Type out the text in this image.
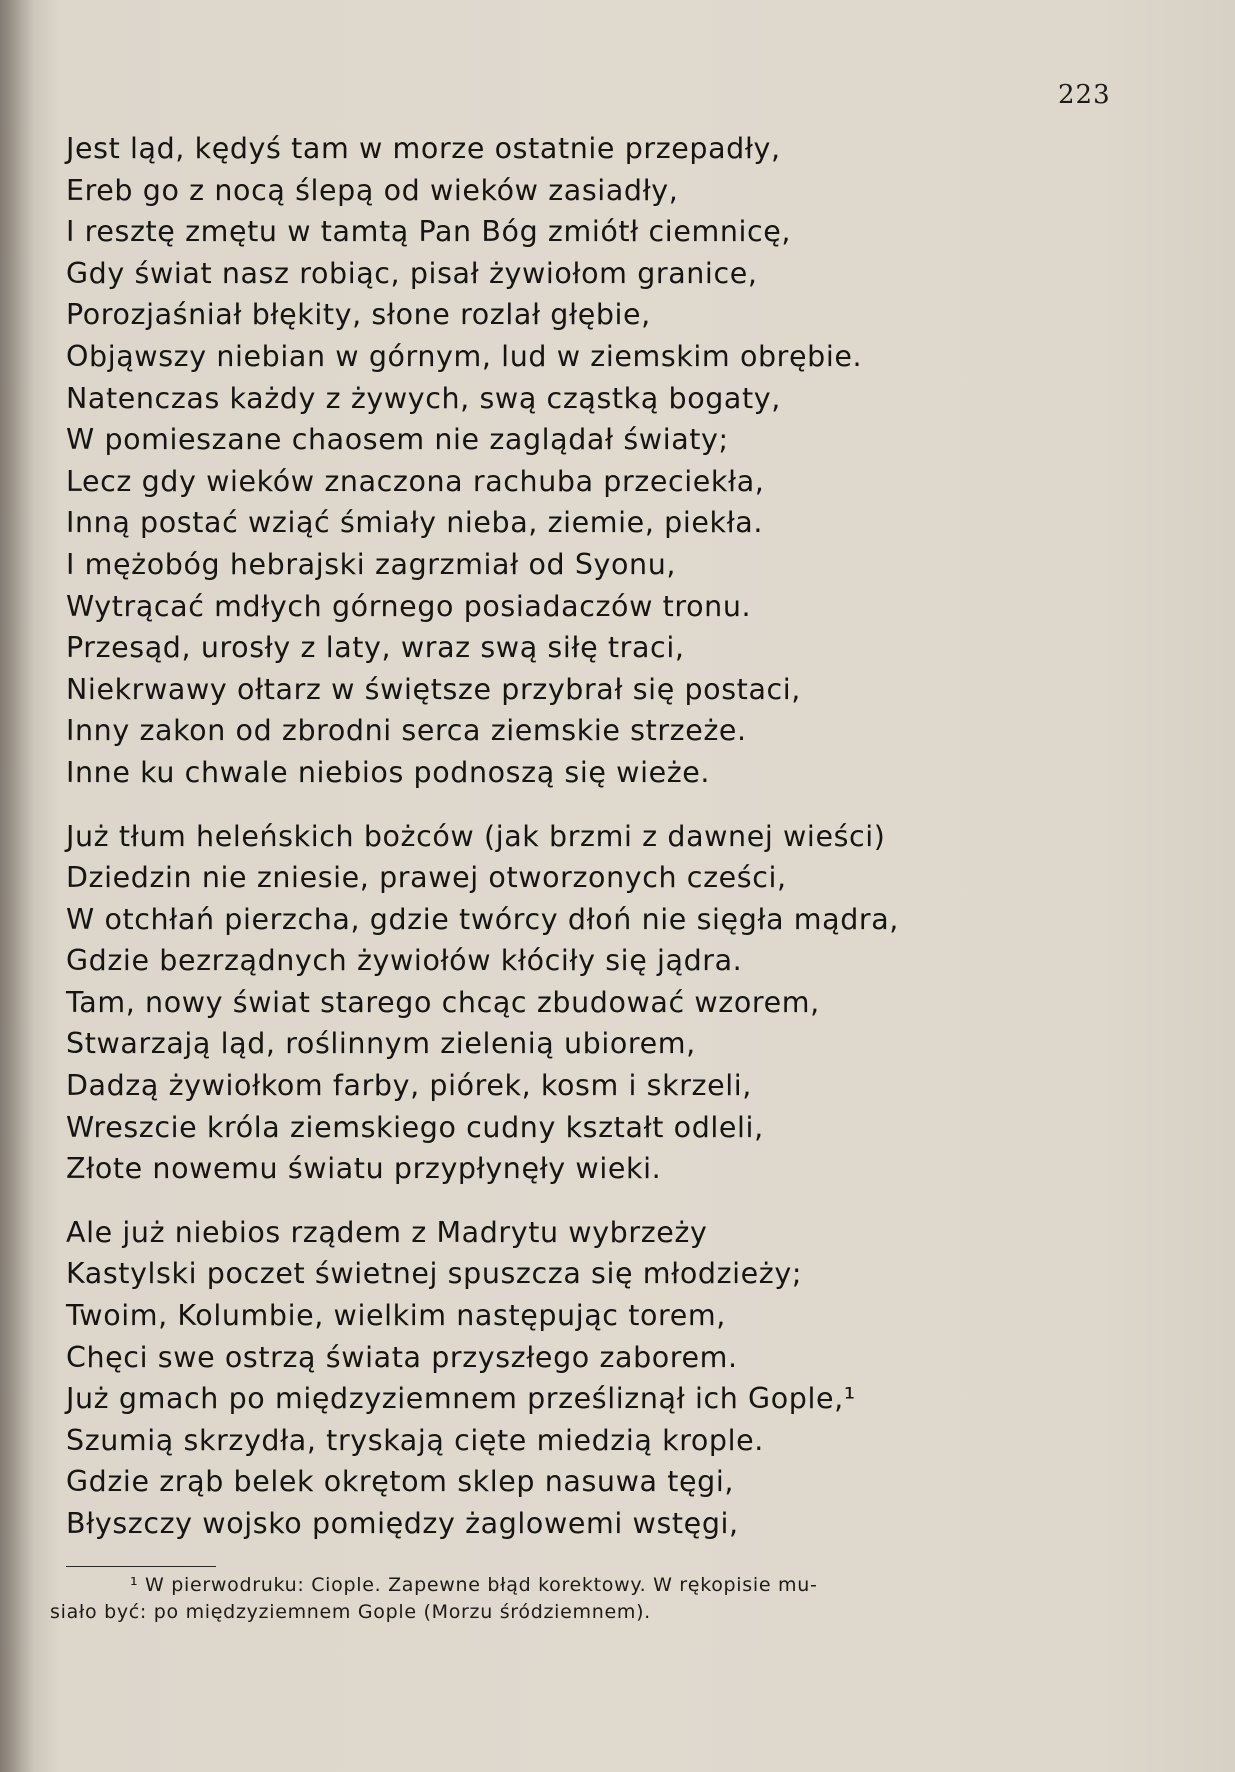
223
Jest ląd, kędyś tam w morze ostatnie przepadły,
Ereb go z nocą ślepą od wieków zasiadły,
I resztę zmętu w tamtą Pan Bóg zmiótł ciemnicę,
Gdy świat nasz robiąc, pisał żywiołom granice,
Porozjaśniał błękity, słone rozlał głębie,
Objąwszy niebian w górnym, lud w ziemskim obrębie.
Natenczas każdy z żywych, swą cząstką bogaty,
W pomieszane chaosem nie zaglądał światy;
Lecz gdy wieków znaczona rachuba przeciekła,
Inną postać wziąć śmiały nieba, ziemie, piekła.
I mężobóg hebrajski zagrzmiał od Syonu,
Wytrącać mdłych górnego posiadaczów tronu.
Przesąd, urosły z laty, wraz swą siłę traci,
Niekrwawy ołtarz w świętsze przybrał się postaci,
Inny zakon od zbrodni serca ziemskie strzeże.
Inne ku chwale niebios podnoszą się wieże.
Już tłum heleńskich bożców (jak brzmi z dawnej wieści)
Dziedzin nie zniesie, prawej otworzonych cześci,
W otchłań pierzcha, gdzie twórcy dłoń nie sięgła mądra,
Gdzie bezrządnych żywiołów kłóciły się jądra.
Tam, nowy świat starego chcąc zbudować wzorem,
Stwarzają ląd, roślinnym zielenią ubiorem,
Dadzą żywiołkom farby, piórek, kosm i skrzeli,
Wreszcie króla ziemskiego cudny kształt odleli,
Złote nowemu światu przypłynęły wieki.
Ale już niebios rządem z Madrytu wybrzeży
Kastylski poczet świetnej spuszcza się młodzieży;
Twoim, Kolumbie, wielkim następując torem,
Chęci swe ostrzą świata przyszłego zaborem.
Już gmach po międzyziemnem prześliznął ich Gople,¹
Szumią skrzydła, tryskają cięte miedzią krople.
Gdzie zrąb belek okrętom sklep nasuwa tęgi,
Błyszczy wojsko pomiędzy żaglowemi wstęgi,
¹ W pierwodruku: Ciople. Zapewne błąd korektowy. W rękopisie mu-
siało być: po międzyziemnem Gople (Morzu śródziemnem).
